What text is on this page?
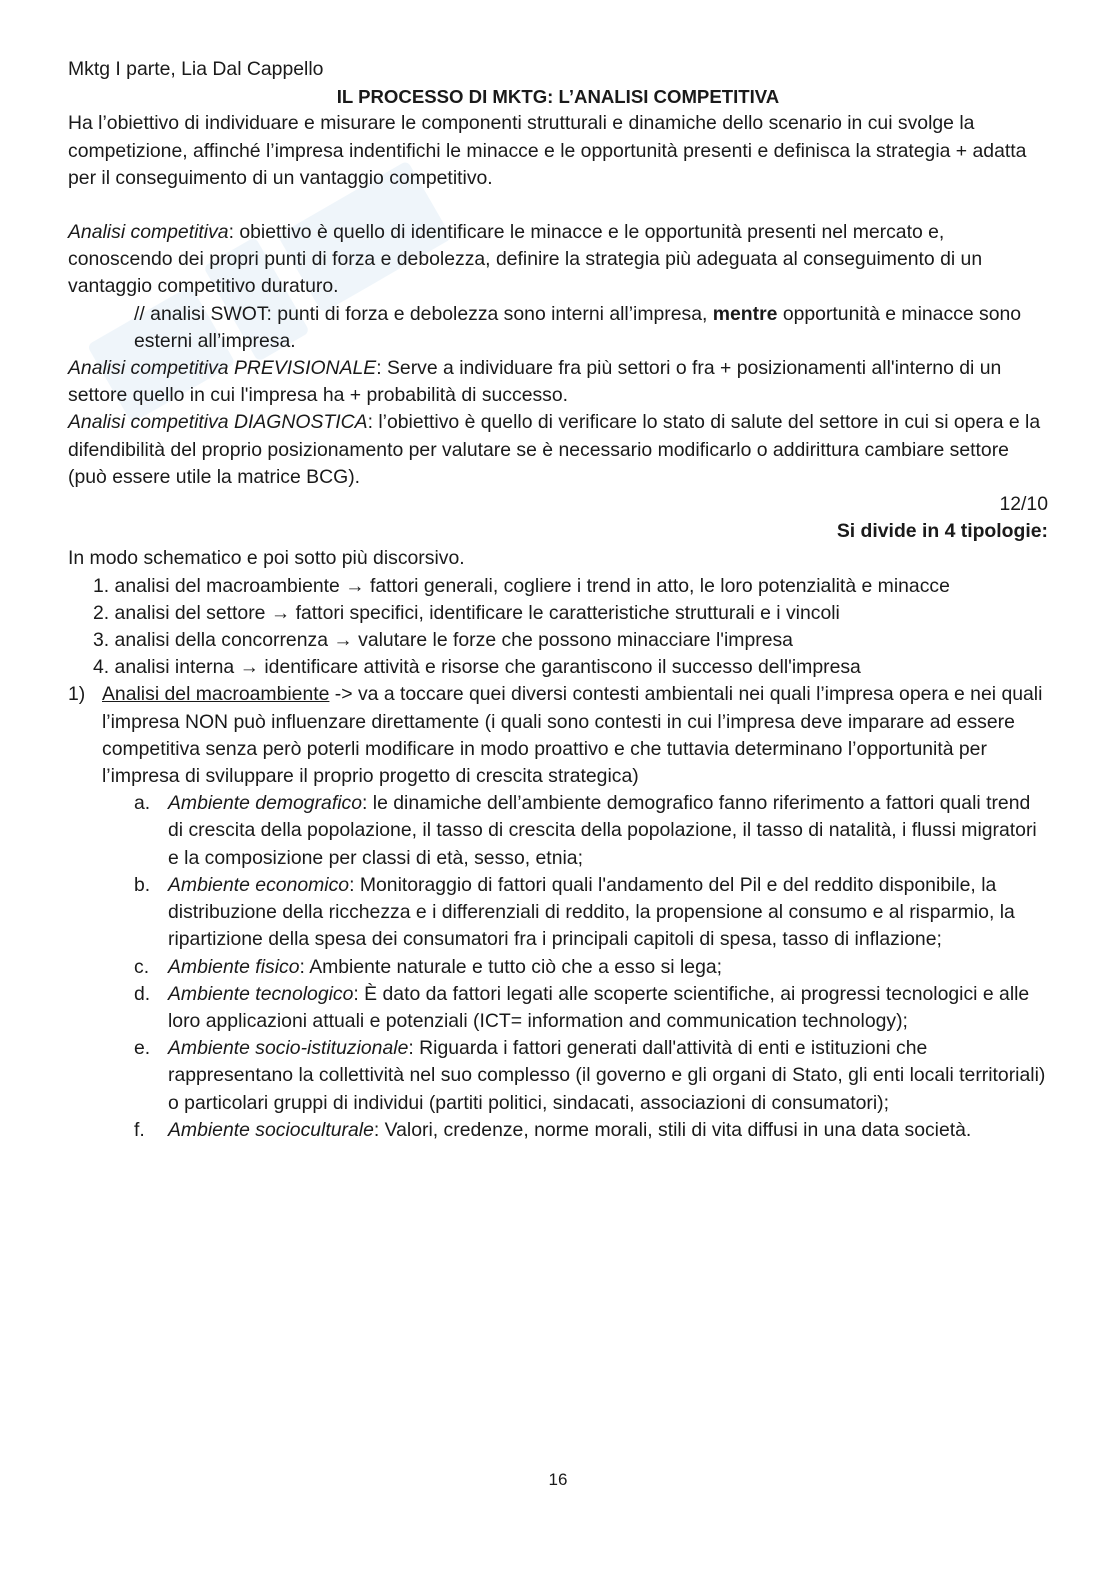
Mktg I parte, Lia Dal Cappello

IL PROCESSO DI MKTG: L’ANALISI COMPETITIVA

Ha l’obiettivo di individuare e misurare le componenti strutturali e dinamiche dello scenario in cui svolge la competizione, affinché l’impresa indentifichi le minacce e le opportunità presenti e definisca la strategia + adatta per il conseguimento di un vantaggio competitivo.

Analisi competitiva: obiettivo è quello di identificare le minacce e le opportunità presenti nel mercato e, conoscendo dei propri punti di forza e debolezza, definire la strategia più adeguata al conseguimento di un vantaggio competitivo duraturo.

// analisi SWOT: punti di forza e debolezza sono interni all’impresa, mentre opportunità e minacce sono esterni all’impresa.

Analisi competitiva PREVISIONALE: Serve a individuare fra più settori o fra + posizionamenti all'interno di un settore quello in cui l'impresa ha + probabilità di successo.

Analisi competitiva DIAGNOSTICA: l’obiettivo è quello di verificare lo stato di salute del settore in cui si opera e la difendibilità del proprio posizionamento per valutare se è necessario modificarlo o addirittura cambiare settore (può essere utile la matrice BCG).

12/10

Si divide in 4 tipologie:

In modo schematico e poi sotto più discorsivo.

1. analisi del macroambiente → fattori generali, cogliere i trend in atto, le loro potenzialità e minacce
2. analisi del settore → fattori specifici, identificare le caratteristiche strutturali e i vincoli
3. analisi della concorrenza → valutare le forze che possono minacciare l'impresa
4. analisi interna → identificare attività e risorse che garantiscono il successo dell'impresa
1) Analisi del macroambiente -> va a toccare quei diversi contesti ambientali nei quali l’impresa opera e nei quali l’impresa NON può influenzare direttamente (i quali sono contesti in cui l’impresa deve imparare ad essere competitiva senza però poterli modificare in modo proattivo e che tuttavia determinano l’opportunità per l’impresa di sviluppare il proprio progetto di crescita strategica)

a. Ambiente demografico: le dinamiche dell’ambiente demografico fanno riferimento a fattori quali trend di crescita della popolazione, il tasso di crescita della popolazione, il tasso di natalità, i flussi migratori e la composizione per classi di età, sesso, etnia;
b. Ambiente economico: Monitoraggio di fattori quali l'andamento del Pil e del reddito disponibile, la distribuzione della ricchezza e i differenziali di reddito, la propensione al consumo e al risparmio, la ripartizione della spesa dei consumatori fra i principali capitoli di spesa, tasso di inflazione;
c. Ambiente fisico: Ambiente naturale e tutto ciò che a esso si lega;
d. Ambiente tecnologico: È dato da fattori legati alle scoperte scientifiche, ai progressi tecnologici e alle loro applicazioni attuali e potenziali (ICT= information and communication technology);
e. Ambiente socio-istituzionale: Riguarda i fattori generati dall'attività di enti e istituzioni che rappresentano la collettività nel suo complesso (il governo e gli organi di Stato, gli enti locali territoriali) o particolari gruppi di individui (partiti politici, sindacati, associazioni di consumatori);
f.	Ambiente socioculturale: Valori, credenze, norme morali, stili di vita diffusi in una data società.
16
